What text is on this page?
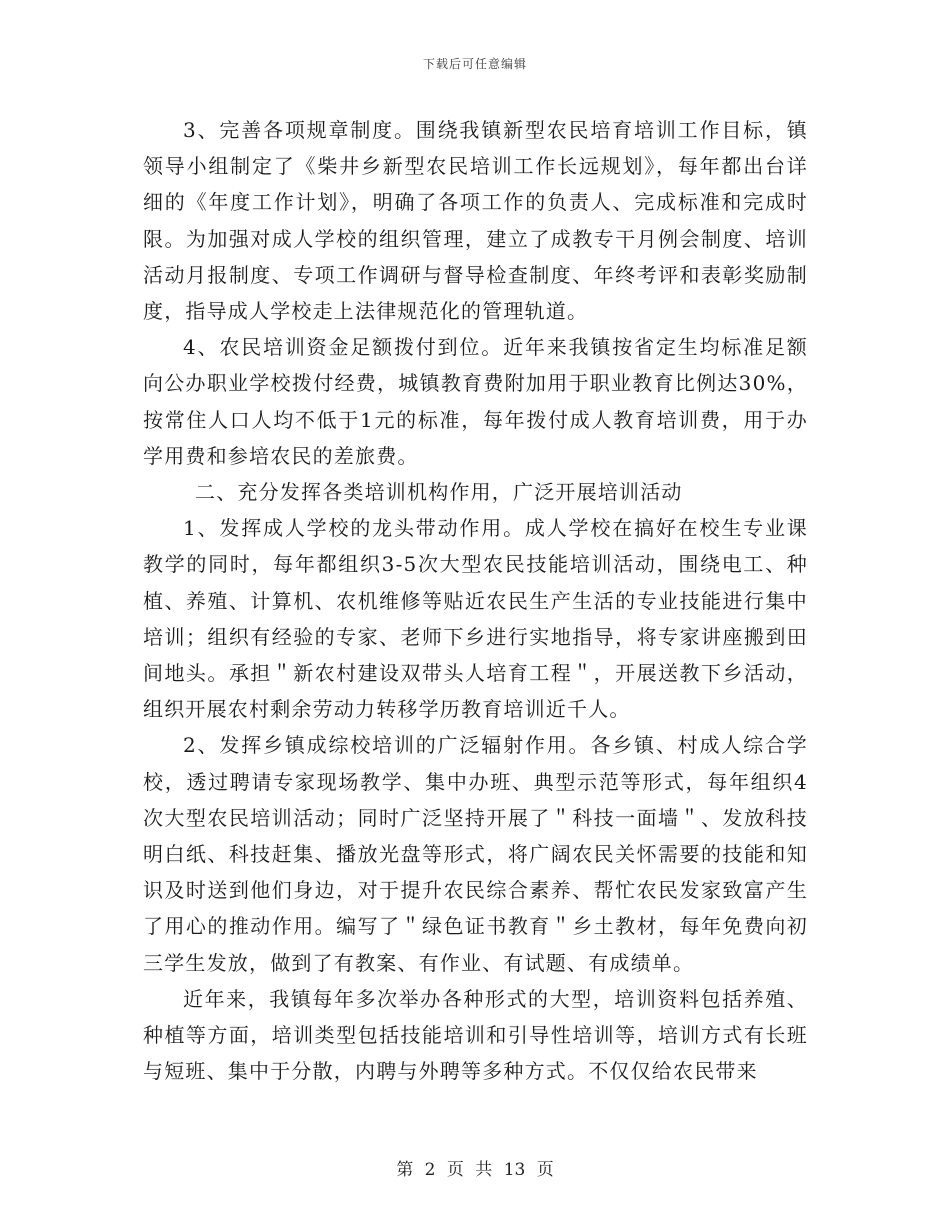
下载后可任意编辑

3、完善各项规章制度。围绕我镇新型农民培育培训工作目标，镇领导小组制定了《柴井乡新型农民培训工作长远规划》，每年都出台详细的《年度工作计划》，明确了各项工作的负责人、完成标准和完成时限。为加强对成人学校的组织管理，建立了成教专干月例会制度、培训活动月报制度、专项工作调研与督导检查制度、年终考评和表彰奖励制度，指导成人学校走上法律规范化的管理轨道。

4、农民培训资金足额拨付到位。近年来我镇按省定生均标准足额向公办职业学校拨付经费，城镇教育费附加用于职业教育比例达30%，按常住人口人均不低于1元的标准，每年拨付成人教育培训费，用于办学用费和参培农民的差旅费。

二、充分发挥各类培训机构作用，广泛开展培训活动

1、发挥成人学校的龙头带动作用。成人学校在搞好在校生专业课教学的同时，每年都组织3-5次大型农民技能培训活动，围绕电工、种植、养殖、计算机、农机维修等贴近农民生产生活的专业技能进行集中培训；组织有经验的专家、老师下乡进行实地指导，将专家讲座搬到田间地头。承担＂新农村建设双带头人培育工程＂，开展送教下乡活动，组织开展农村剩余劳动力转移学历教育培训近千人。

2、发挥乡镇成综校培训的广泛辐射作用。各乡镇、村成人综合学校，透过聘请专家现场教学、集中办班、典型示范等形式，每年组织4次大型农民培训活动；同时广泛坚持开展了＂科技一面墙＂、发放科技明白纸、科技赶集、播放光盘等形式，将广阔农民关怀需要的技能和知识及时送到他们身边，对于提升农民综合素养、帮忙农民发家致富产生了用心的推动作用。编写了＂绿色证书教育＂乡土教材，每年免费向初三学生发放，做到了有教案、有作业、有试题、有成绩单。

近年来，我镇每年多次举办各种形式的大型，培训资料包括养殖、种植等方面，培训类型包括技能培训和引导性培训等，培训方式有长班与短班、集中于分散，内聘与外聘等多种方式。不仅仅给农民带来

第 2 页 共 13 页
